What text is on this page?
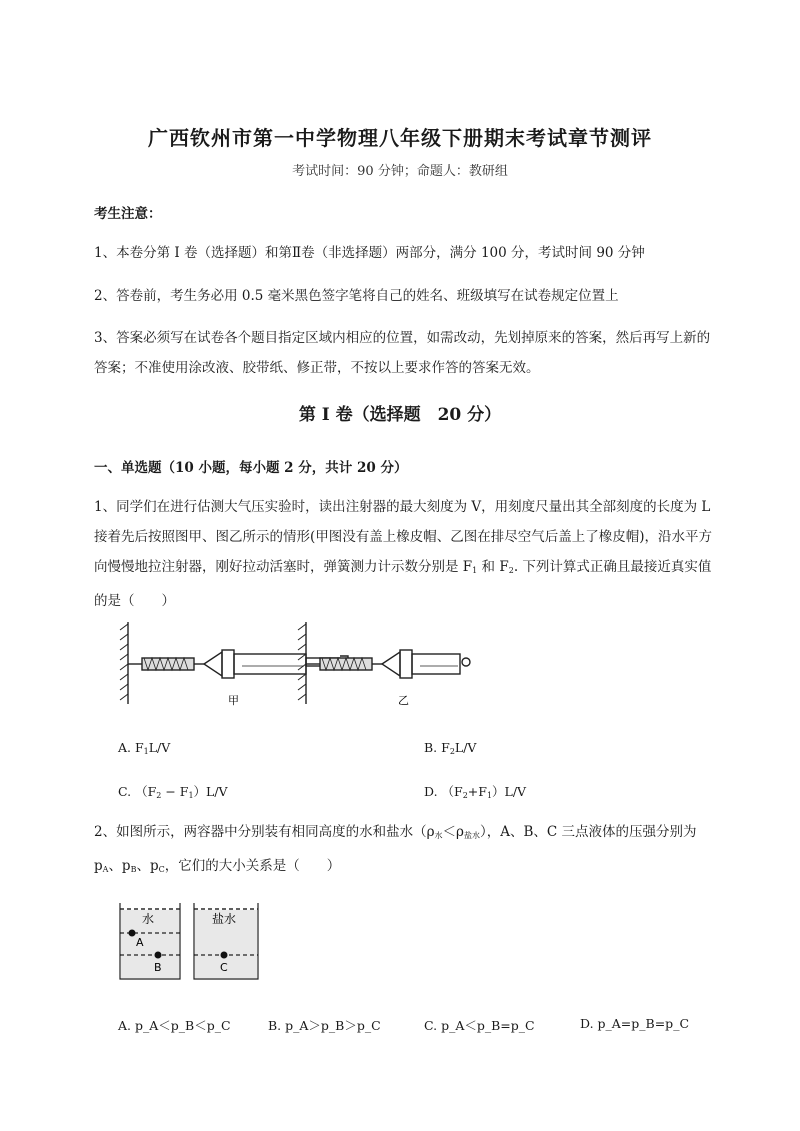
广西钦州市第一中学物理八年级下册期末考试章节测评
考试时间：90 分钟；命题人：教研组
考生注意：
1、本卷分第 I 卷（选择题）和第Ⅱ卷（非选择题）两部分，满分 100 分，考试时间 90 分钟
2、答卷前，考生务必用 0.5 毫米黑色签字笔将自己的姓名、班级填写在试卷规定位置上
3、答案必须写在试卷各个题目指定区域内相应的位置，如需改动，先划掉原来的答案，然后再写上新的答案；不准使用涂改液、胶带纸、修正带，不按以上要求作答的答案无效。
第 I 卷（选择题　20 分）
一、单选题（10 小题，每小题 2 分，共计 20 分）
1、同学们在进行估测大气压实验时，读出注射器的最大刻度为 V，用刻度尺量出其全部刻度的长度为 L 接着先后按照图甲、图乙所示的情形(甲图没有盖上橡皮帽、乙图在排尽空气后盖上了橡皮帽)，沿水平方向慢慢地拉注射器，刚好拉动活塞时，弹簧测力计示数分别是 $F_1$ 和 $F_2$. 下列计算式正确且最接近真实值的是（　　）
甲	乙
A. $F_1L/V$	B. $F_2L/V$
C. $(F_2 - F_1)L/V$	D. $(F_2+F_1)L/V$
2、如图所示，两容器中分别装有相同高度的水和盐水$(\rho_水<\rho_{盐水})$，A、B、C 三点液体的压强分别为 $p_A$、$p_B$、$p_C$，它们的大小关系是（　　）
水	盐水
A
B	C
A. p_A＜p_B＜p_C	B. p_A＞p_B＞p_C	C. p_A＜p_B=p_C	D. p_A=p_B=p_C
